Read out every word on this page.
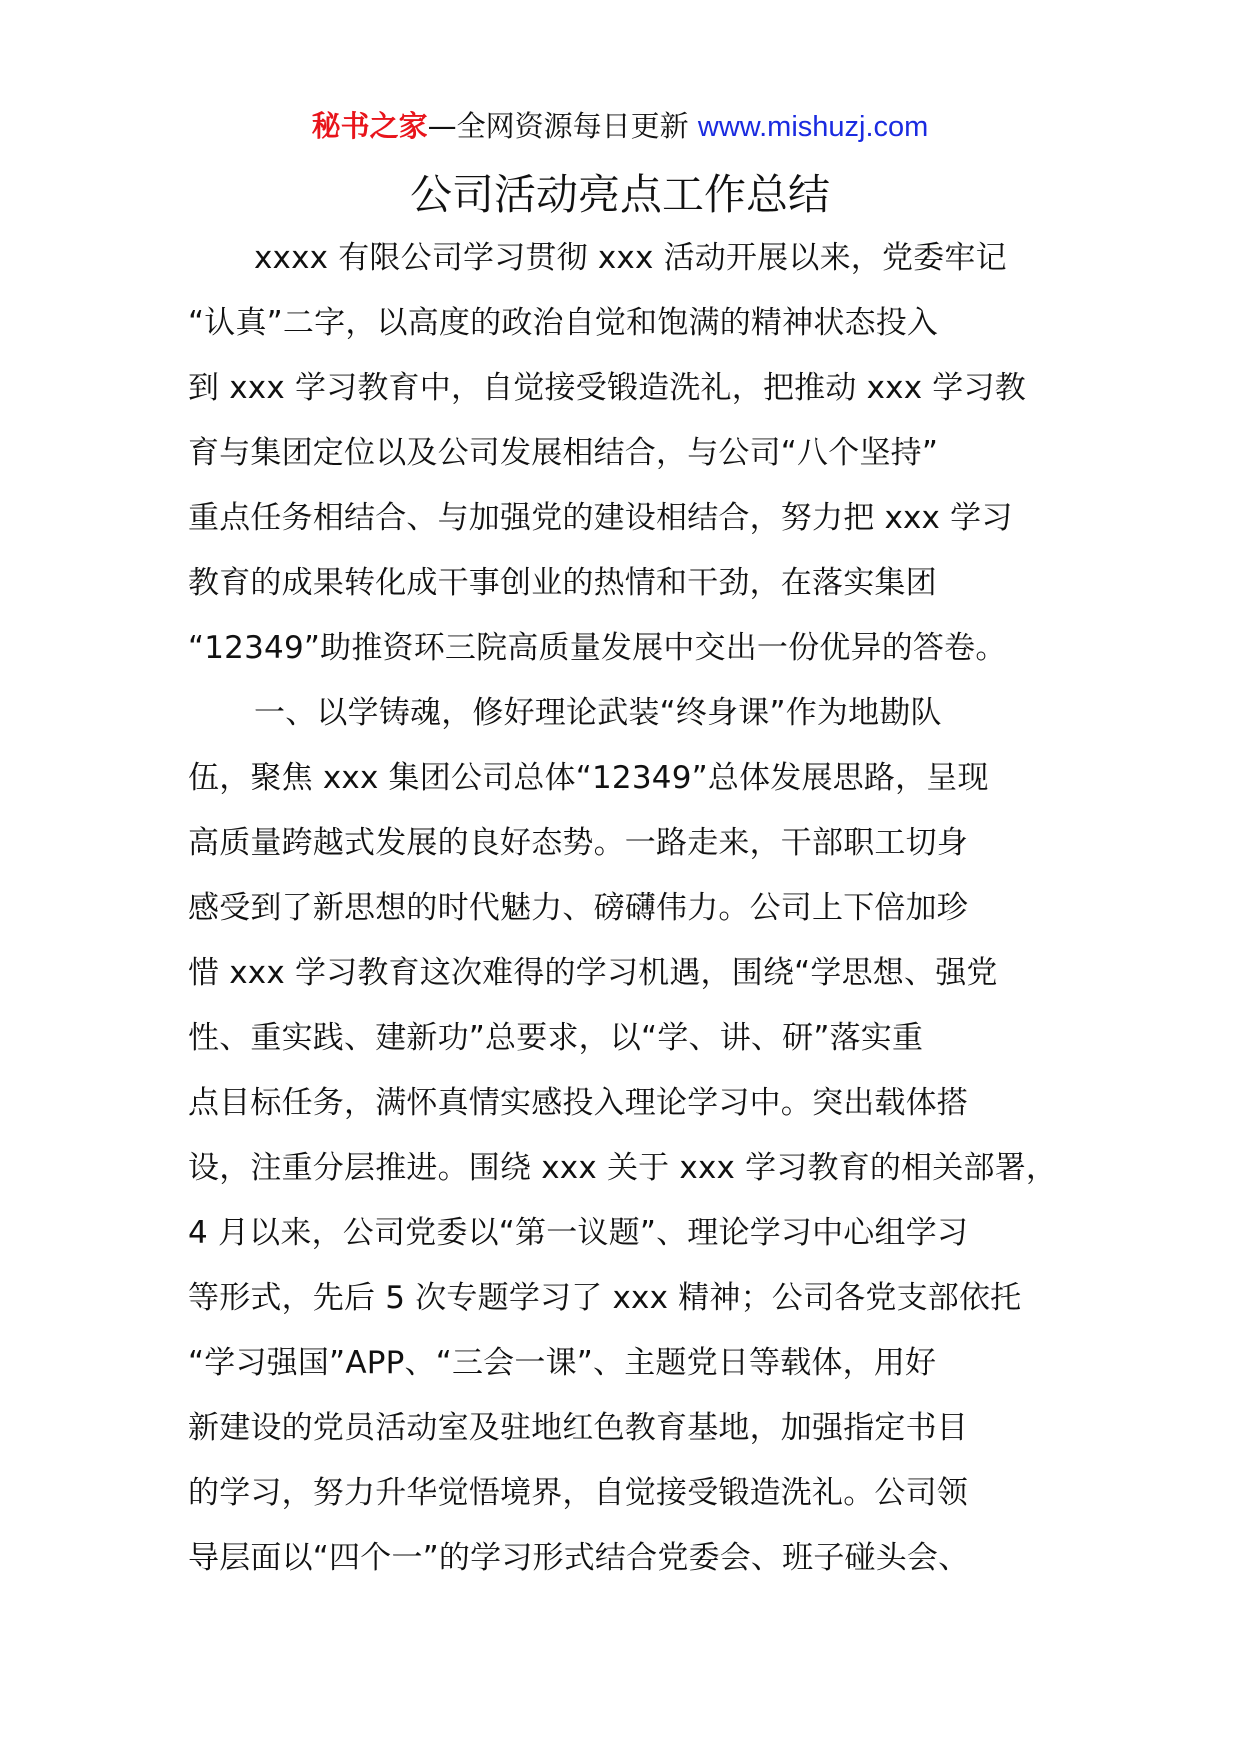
秘书之家—全网资源每日更新 www.mishuzj.com
公司活动亮点工作总结
xxxx 有限公司学习贯彻 xxx 活动开展以来，党委牢记
“认真”二字，以高度的政治自觉和饱满的精神状态投入
到 xxx 学习教育中，自觉接受锻造洗礼，把推动 xxx 学习教
育与集团定位以及公司发展相结合，与公司“八个坚持”
重点任务相结合、与加强党的建设相结合，努力把 xxx 学习
教育的成果转化成干事创业的热情和干劲，在落实集团
“12349”助推资环三院高质量发展中交出一份优异的答卷。
一、以学铸魂，修好理论武装“终身课”作为地勘队
伍，聚焦 xxx 集团公司总体“12349”总体发展思路，呈现
高质量跨越式发展的良好态势。一路走来，干部职工切身
感受到了新思想的时代魅力、磅礴伟力。公司上下倍加珍
惜 xxx 学习教育这次难得的学习机遇，围绕“学思想、强党
性、重实践、建新功”总要求，以“学、讲、研”落实重
点目标任务，满怀真情实感投入理论学习中。突出载体搭
设，注重分层推进。围绕 xxx 关于 xxx 学习教育的相关部署，
4 月以来，公司党委以“第一议题”、理论学习中心组学习
等形式，先后 5 次专题学习了 xxx 精神；公司各党支部依托
“学习强国”APP、“三会一课”、主题党日等载体，用好
新建设的党员活动室及驻地红色教育基地，加强指定书目
的学习，努力升华觉悟境界，自觉接受锻造洗礼。公司领
导层面以“四个一”的学习形式结合党委会、班子碰头会、
